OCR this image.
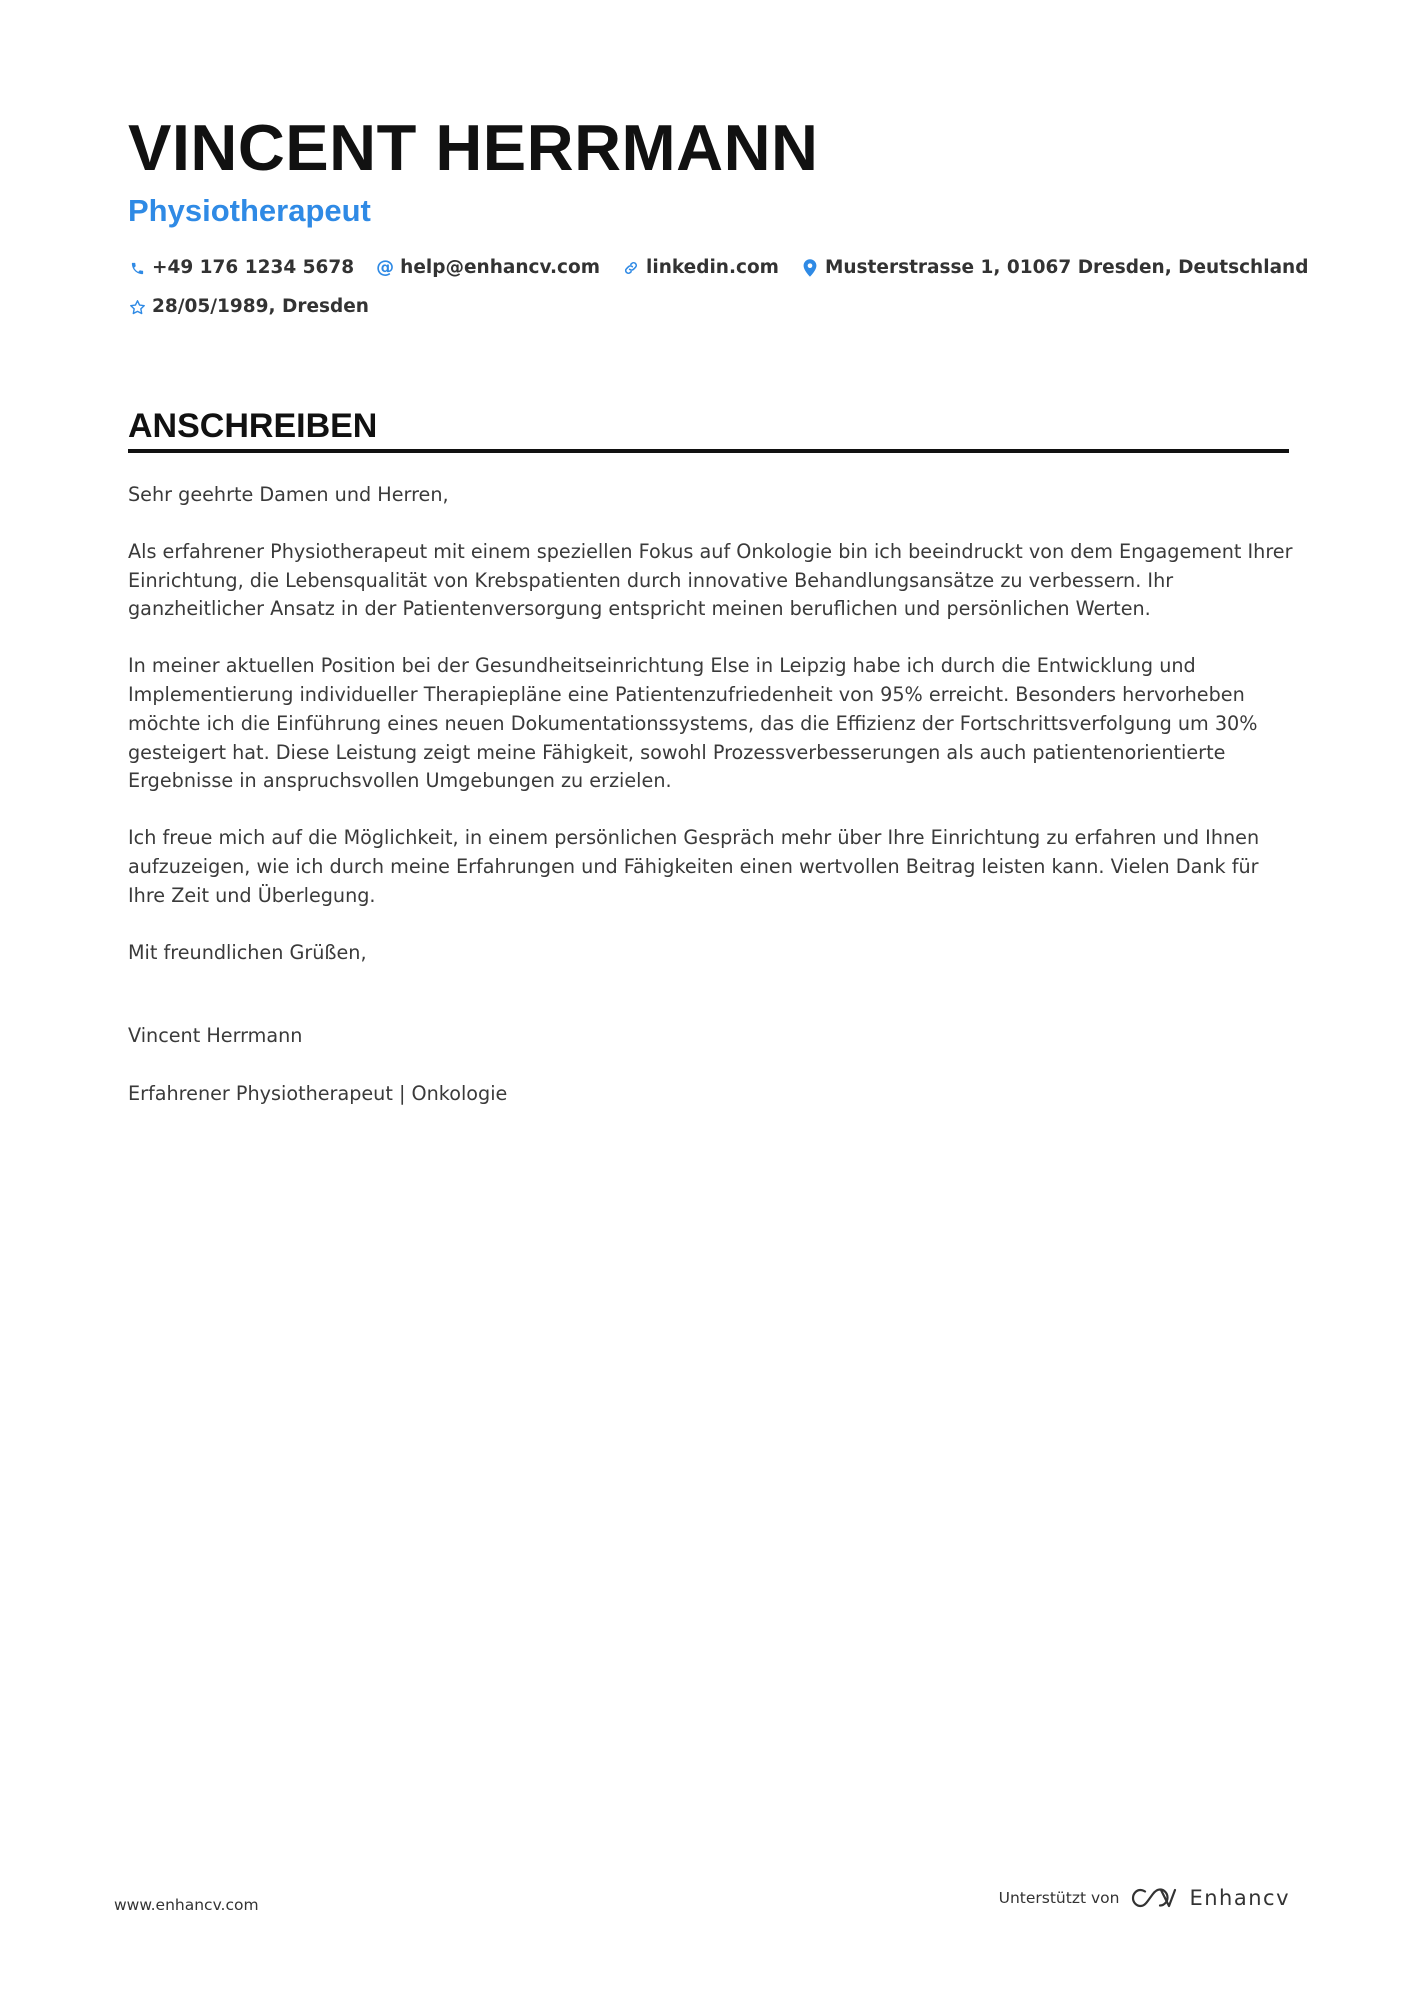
VINCENT HERRMANN
Physiotherapeut
+49 176 1234 5678 @ help@enhancv.com linkedin.com Musterstrasse 1, 01067 Dresden, Deutschland
28/05/1989, Dresden
ANSCHREIBEN

Sehr geehrte Damen und Herren,

Als erfahrener Physiotherapeut mit einem speziellen Fokus auf Onkologie bin ich beeindruckt von dem Engagement Ihrer Einrichtung, die Lebensqualität von Krebspatienten durch innovative Behandlungsansätze zu verbessern. Ihr ganzheitlicher Ansatz in der Patientenversorgung entspricht meinen beruflichen und persönlichen Werten.

In meiner aktuellen Position bei der Gesundheitseinrichtung Else in Leipzig habe ich durch die Entwicklung und Implementierung individueller Therapiepläne eine Patientenzufriedenheit von 95% erreicht. Besonders hervorheben möchte ich die Einführung eines neuen Dokumentationssystems, das die Effizienz der Fortschrittsverfolgung um 30% gesteigert hat. Diese Leistung zeigt meine Fähigkeit, sowohl Prozessverbesserungen als auch patientenorientierte Ergebnisse in anspruchsvollen Umgebungen zu erzielen.

Ich freue mich auf die Möglichkeit, in einem persönlichen Gespräch mehr über Ihre Einrichtung zu erfahren und Ihnen aufzuzeigen, wie ich durch meine Erfahrungen und Fähigkeiten einen wertvollen Beitrag leisten kann. Vielen Dank für Ihre Zeit und Überlegung.

Mit freundlichen Grüßen,

Vincent Herrmann

Erfahrener Physiotherapeut | Onkologie

www.enhancv.com	Unterstützt von	Enhancv
